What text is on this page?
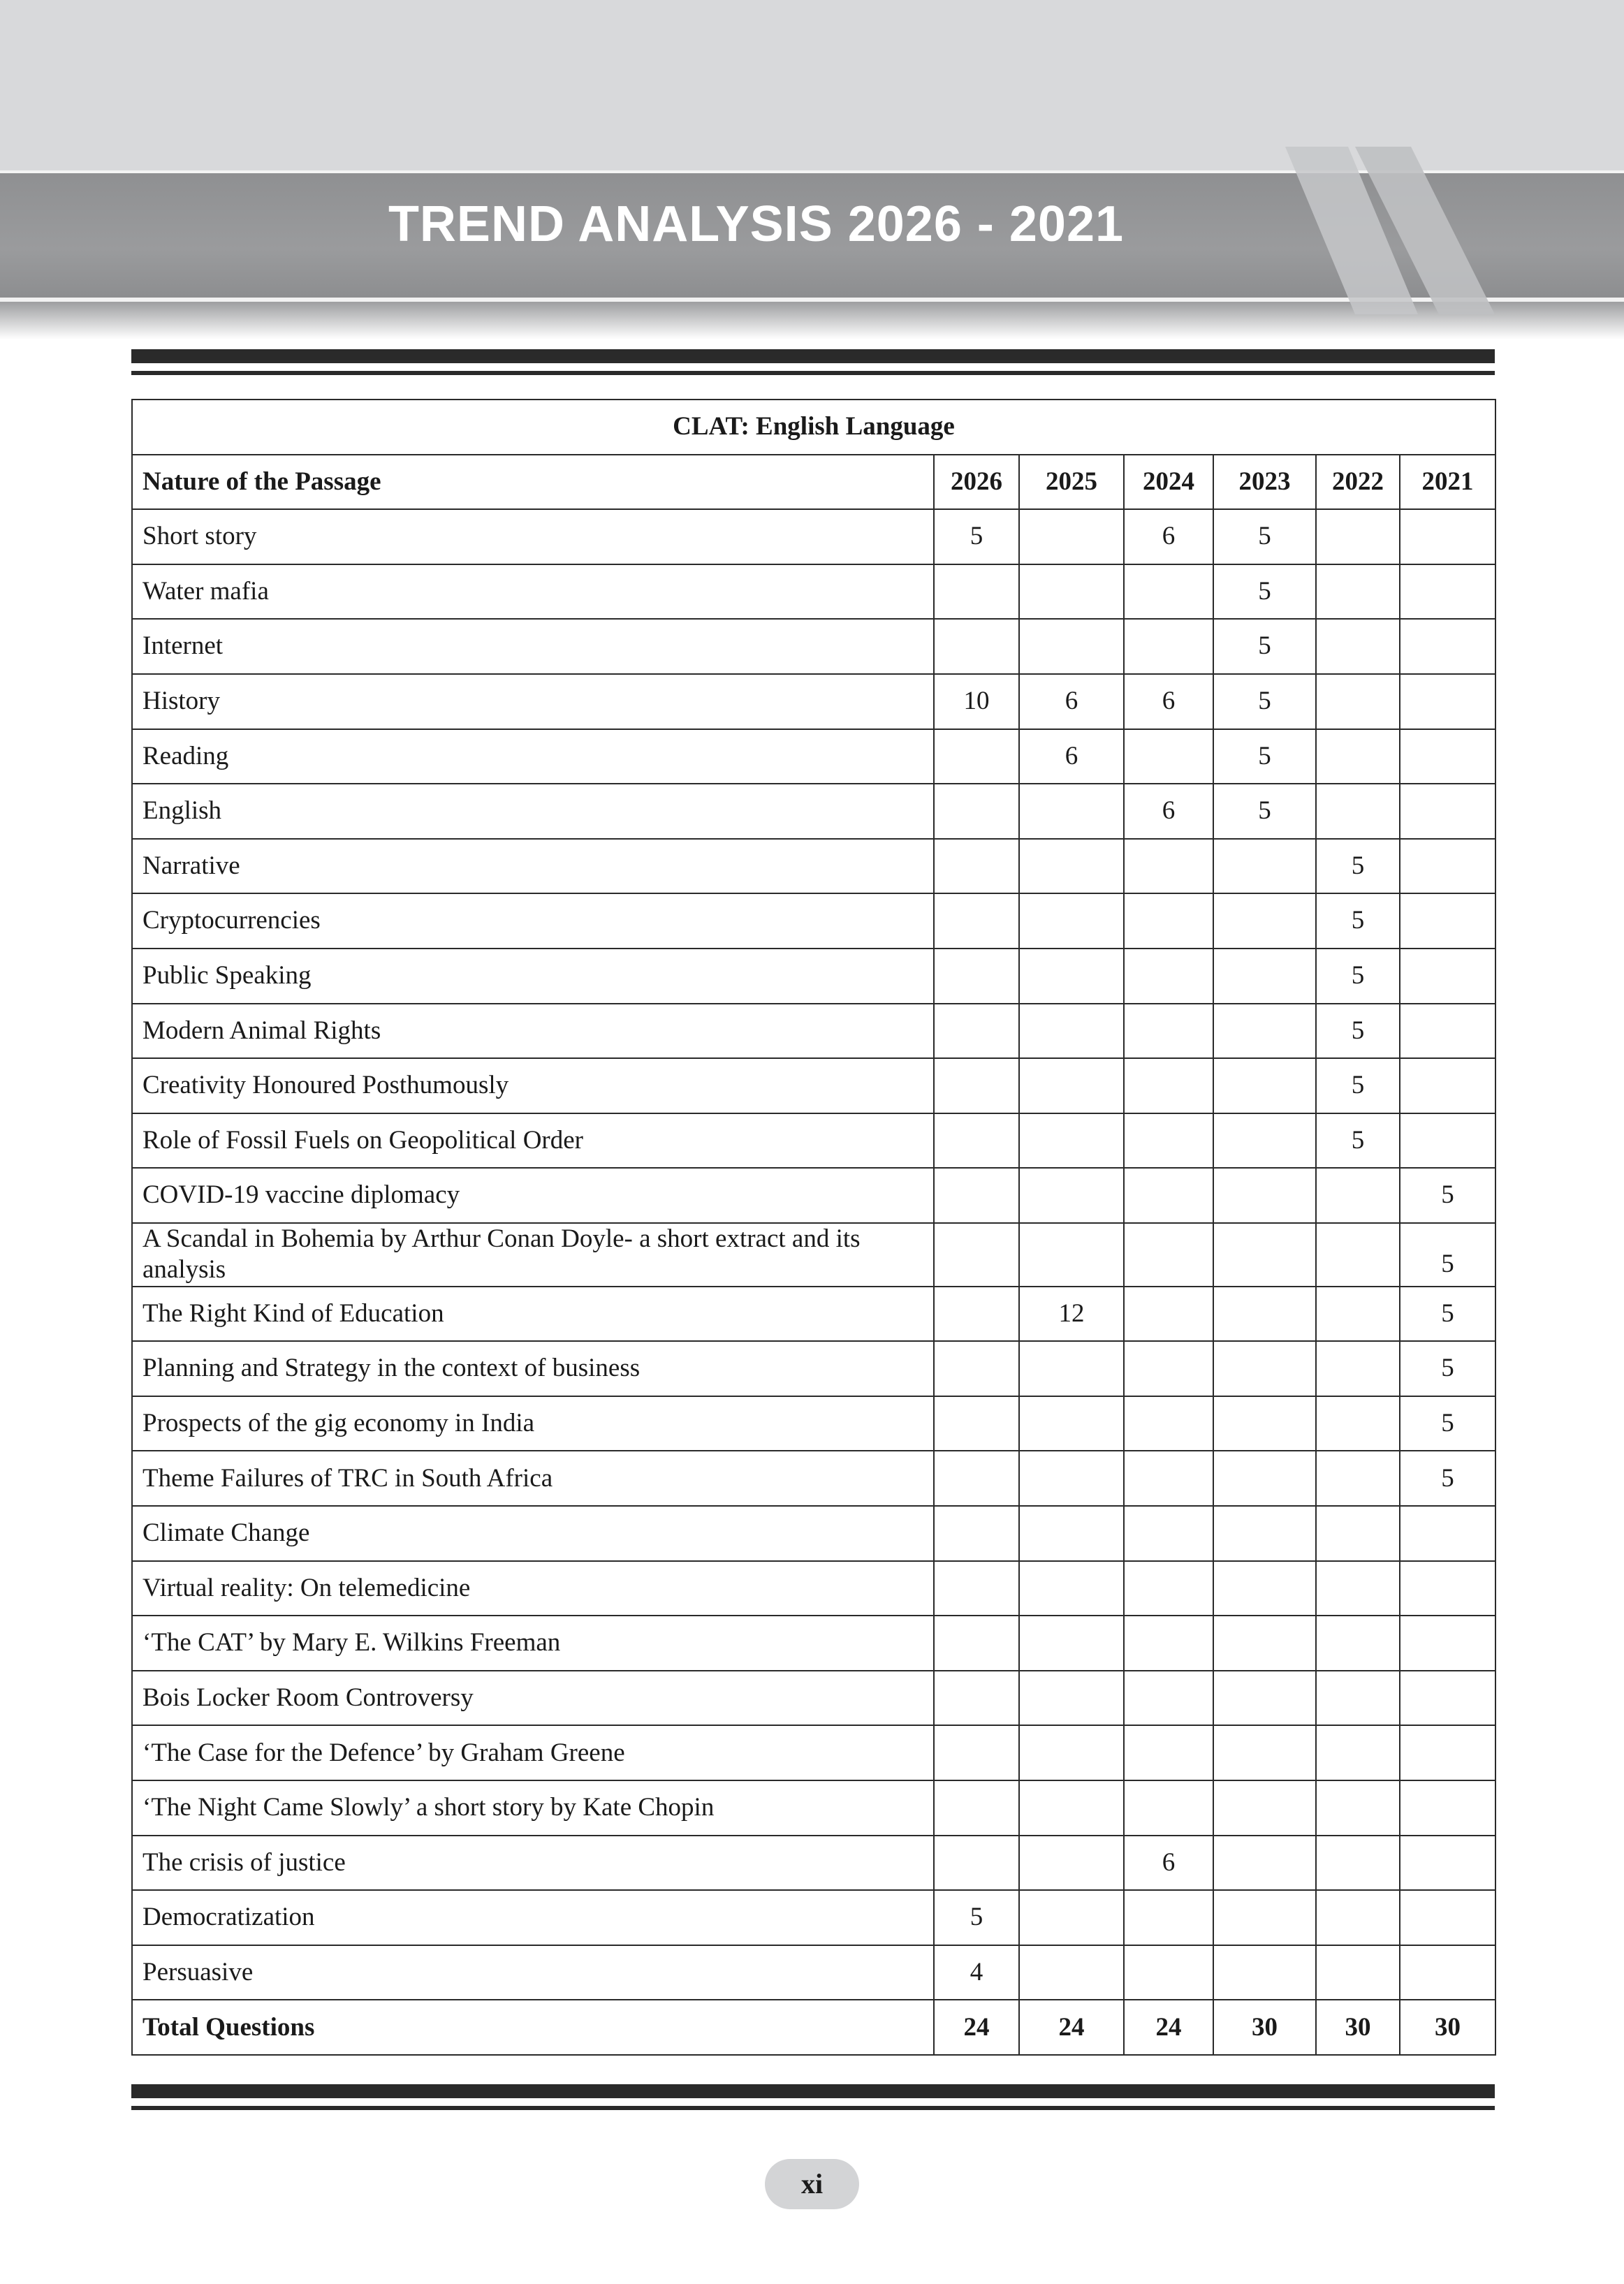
TREND ANALYSIS 2026 - 2021
CLAT: English Language						
Nature of the Passage	2026	2025	2024	2023	2022	2021
Short story	5		6	5		
Water mafia				5		
Internet				5		
History	10	6	6	5		
Reading		6		5		
English			6	5		
Narrative					5	
Cryptocurrencies					5	
Public Speaking					5	
Modern Animal Rights					5	
Creativity Honoured Posthumously					5	
Role of Fossil Fuels on Geopolitical Order					5	
COVID-19 vaccine diplomacy						5
A Scandal in Bohemia by Arthur Conan Doyle- a short extract and its analysis						5
The Right Kind of Education		12				5
Planning and Strategy in the context of business						5
Prospects of the gig economy in India						5
Theme Failures of TRC in South Africa						5
Climate Change						
Virtual reality: On telemedicine						
‘The CAT’ by Mary E. Wilkins Freeman						
Bois Locker Room Controversy						
‘The Case for the Defence’ by Graham Greene						
‘The Night Came Slowly’ a short story by Kate Chopin						
The crisis of justice			6			
Democratization	5					
Persuasive	4					
Total Questions	24	24	24	30	30	30
xi
